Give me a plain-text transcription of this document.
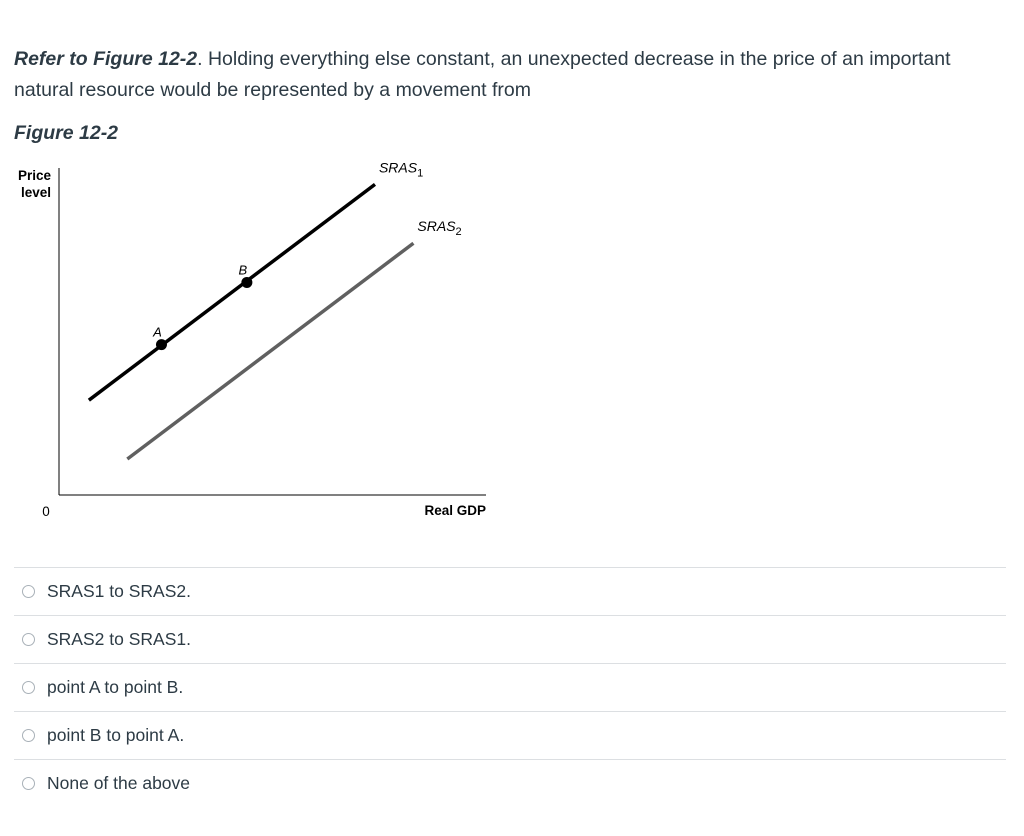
Refer to Figure 12-2. Holding everything else constant, an unexpected decrease in the price of an important natural resource would be represented by a movement from
Figure 12-2
Price
level
Real GDP
0
$SRAS_1$
$SRAS_2$
A
B
SRAS1 to SRAS2.
SRAS2 to SRAS1.
point A to point B.
point B to point A.
None of the above
